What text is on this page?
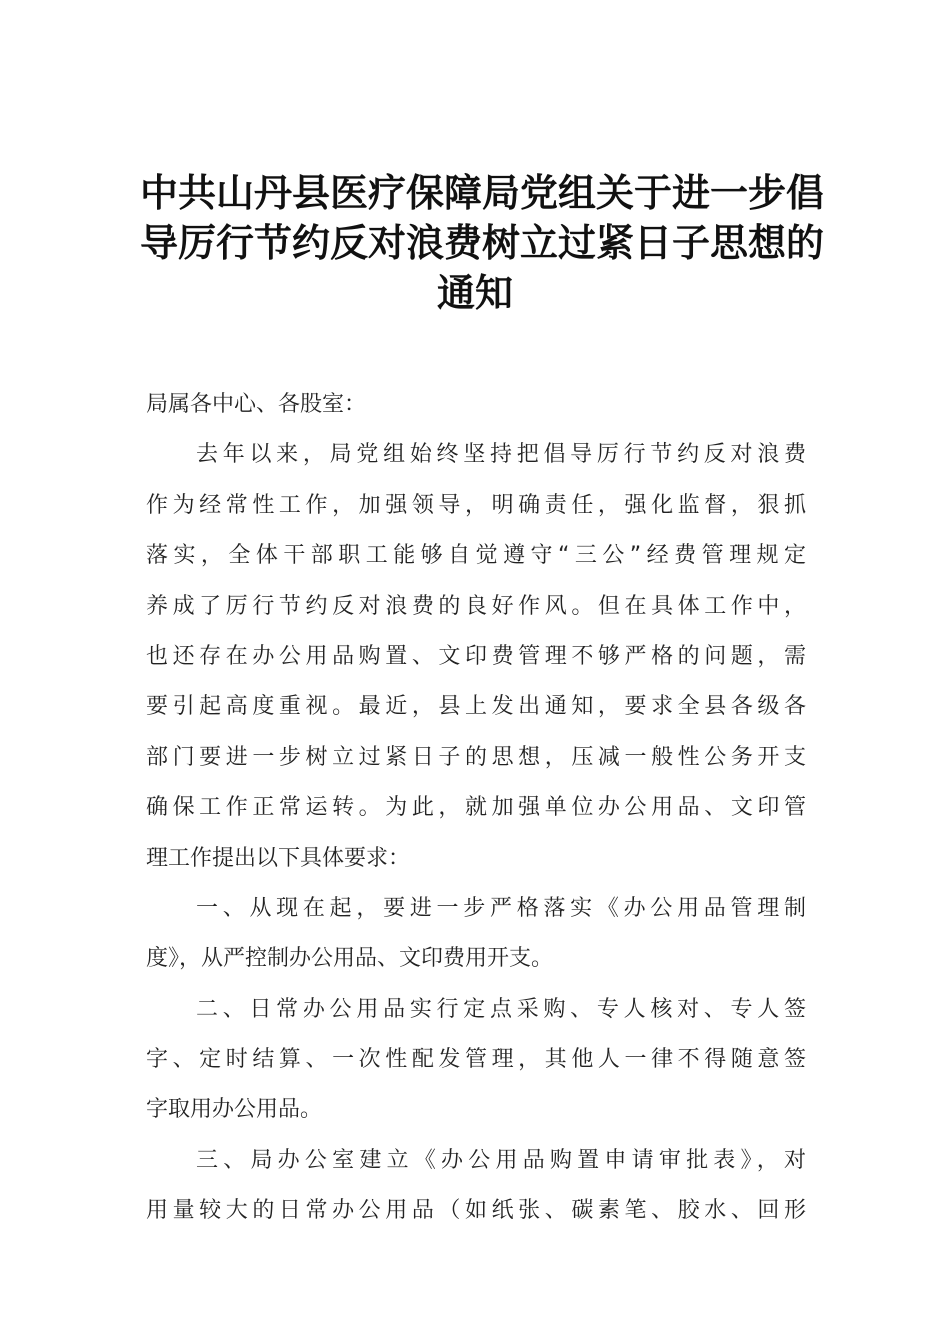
中共山丹县医疗保障局党组关于进一步倡
导厉行节约反对浪费树立过紧日子思想的
通知
局属各中心、各股室：
去年以来，局党组始终坚持把倡导厉行节约反对浪费
作为经常性工作，加强领导，明确责任，强化监督，狠抓
落实，全体干部职工能够自觉遵守“三公”经费管理规定
养成了厉行节约反对浪费的良好作风。但在具体工作中，
也还存在办公用品购置、文印费管理不够严格的问题，需
要引起高度重视。最近，县上发出通知，要求全县各级各
部门要进一步树立过紧日子的思想，压减一般性公务开支
确保工作正常运转。为此，就加强单位办公用品、文印管
理工作提出以下具体要求：
一、从现在起，要进一步严格落实《办公用品管理制
度》，从严控制办公用品、文印费用开支。
二、日常办公用品实行定点采购、专人核对、专人签
字、定时结算、一次性配发管理，其他人一律不得随意签
字取用办公用品。
三、局办公室建立《办公用品购置申请审批表》，对
用量较大的日常办公用品（如纸张、碳素笔、胶水、回形
